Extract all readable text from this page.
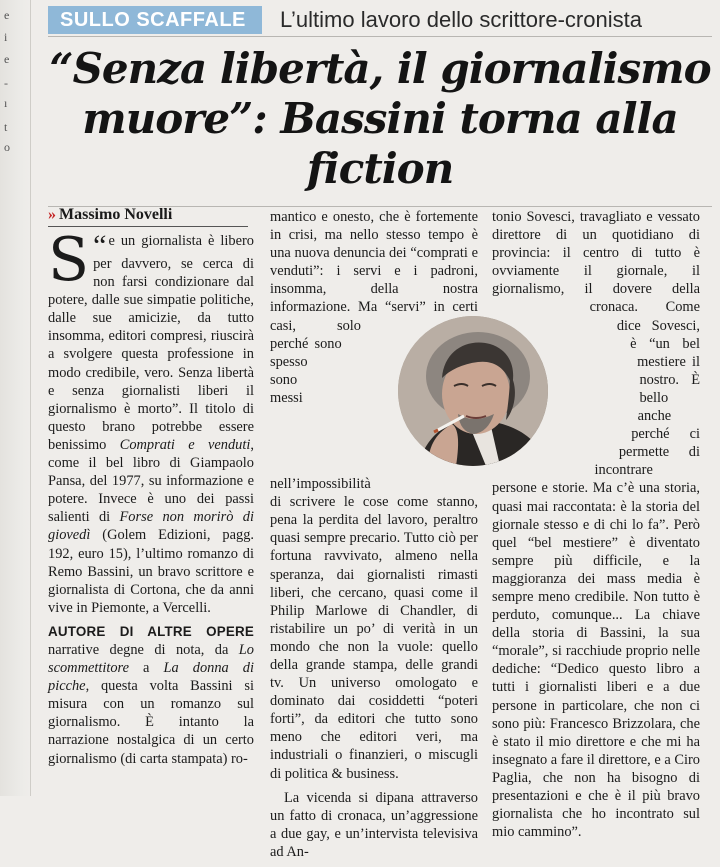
e
i
e
-
ı
t
o
SULLO SCAFFALE	L’ultimo lavoro dello scrittore-cronista
“Senza libertà, il giornalismo
muore”: Bassini torna alla fiction
» Massimo Novelli

“
S e un giornalista è libero per davvero, se cerca di non farsi condizionare dal potere, dalle sue simpatie politiche, dalle sue amicizie, da tutto insomma, editori compresi, riuscirà a svolgere questa professione in modo credibile, vero. Senza libertà e senza giornalisti liberi il giornalismo è morto”. Il titolo di questo brano potrebbe essere benissimo Comprati e venduti, come il bel libro di Giampaolo Pansa, del 1977, su informazione e potere. Invece è uno dei passi salienti di Forse non morirò di giovedì (Golem Edizioni, pagg. 192, euro 15), l’ultimo romanzo di Remo Bassini, un bravo scrittore e giornalista di Cortona, che da anni vive in Piemonte, a Vercelli.

AUTORE DI ALTRE OPERE narrative degne di nota, da Lo scommettitore a La donna di picche, questa volta Bassini si misura con un romanzo sul giornalismo. È intanto la narrazione nostalgica di un certo giornalismo (di carta stampata) ro-

mantico e onesto, che è fortemente in crisi, ma nello stesso tempo è una nuova denuncia dei “comprati e venduti”: i servi e i padroni, insomma, della nostra informazione. Ma “servi” in certi casi, solo perché sono spesso sono messi nell’impossibilità di scrivere le cose come stanno, pena la perdita del lavoro, peraltro quasi sempre precario. Tutto ciò per fortuna ravvivato, almeno nella speranza, dai giornalisti rimasti liberi, che cercano, quasi come il Philip Marlowe di Chandler, di ristabilire un po’ di verità in un mondo che non la vuole: quello della grande stampa, delle grandi tv. Un universo omologato e dominato dai cosiddetti “poteri forti”, da editori che tutto sono meno che editori veri, ma industriali o finanzieri, o miscugli di politica & business.

La vicenda si dipana attraverso un fatto di cronaca, un’aggressione a due gay, e un’intervista televisiva ad An-

tonio Sovesci, travagliato e vessato direttore di un quotidiano di provincia: il centro di tutto è ovviamente il giornale, il giornalismo, il dovere della cronaca. Come dice Sovesci, è “un bel mestiere il nostro. È bello anche perché ci permette di incontrare persone e storie. Ma c’è una storia, quasi mai raccontata: è la storia del giornale stesso e di chi lo fa”. Però quel “bel mestiere” è diventato sempre più difficile, e la maggioranza dei mass media è sempre meno credibile. Non tutto è perduto, comunque... La chiave della storia di Bassini, la sua “morale”, si racchiude proprio nelle dediche: “Dedico questo libro a tutti i giornalisti liberi e a due persone in particolare, che non ci sono più: Francesco Brizzolara, che è stato il mio direttore e che mi ha insegnato a fare il direttore, e a Ciro Paglia, che non ha bisogno di presentazioni e che è il più bravo giornalista che ho incontrato sul mio cammino”.
